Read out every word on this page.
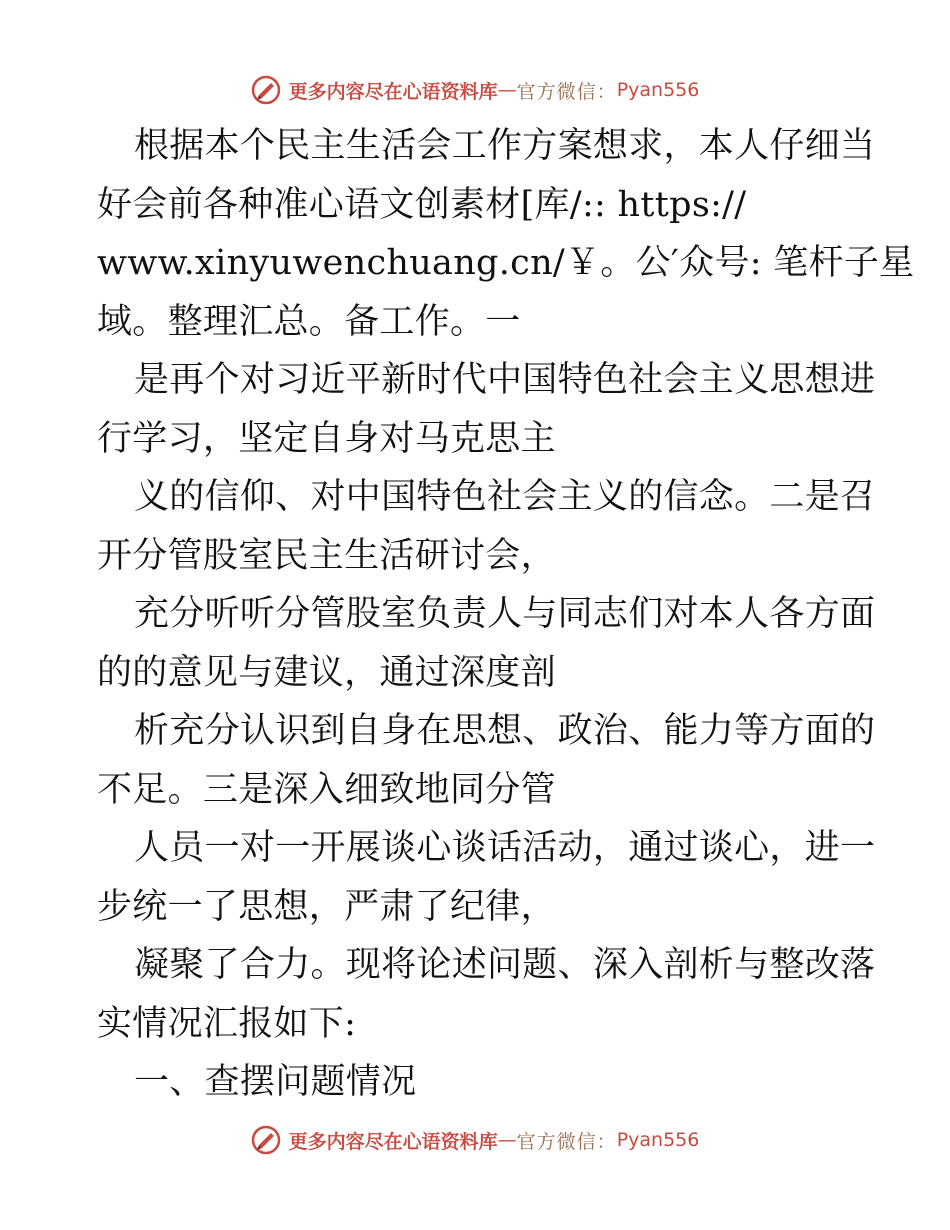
更多内容尽在心语资料库 — 官方微信： Pyan556
根据本个民主生活会工作方案想求，本人仔细当
好会前各种准心语文创素材[库/:: https://
www.xinyuwenchuang.cn/￥。公′众号: 笔杆子星
域。整理汇总。备工作。一
是再个对习近平新时代中国特色社会主义思想进
行学习，坚定自身对马克思主
义的信仰、对中国特色社会主义的信念。二是召
开分管股室民主生活研讨会，
充分听听分管股室负责人与同志们对本人各方面
的的意见与建议，通过深度剖
析充分认识到自身在思想、政治、能力等方面的
不足。三是深入细致地同分管
人员一对一开展谈心谈话活动，通过谈心，进一
步统一了思想，严肃了纪律，
凝聚了合力。现将论述问题、深入剖析与整改落
实情况汇报如下:
一、查摆问题情况
更多内容尽在心语资料库 — 官方微信： Pyan556
